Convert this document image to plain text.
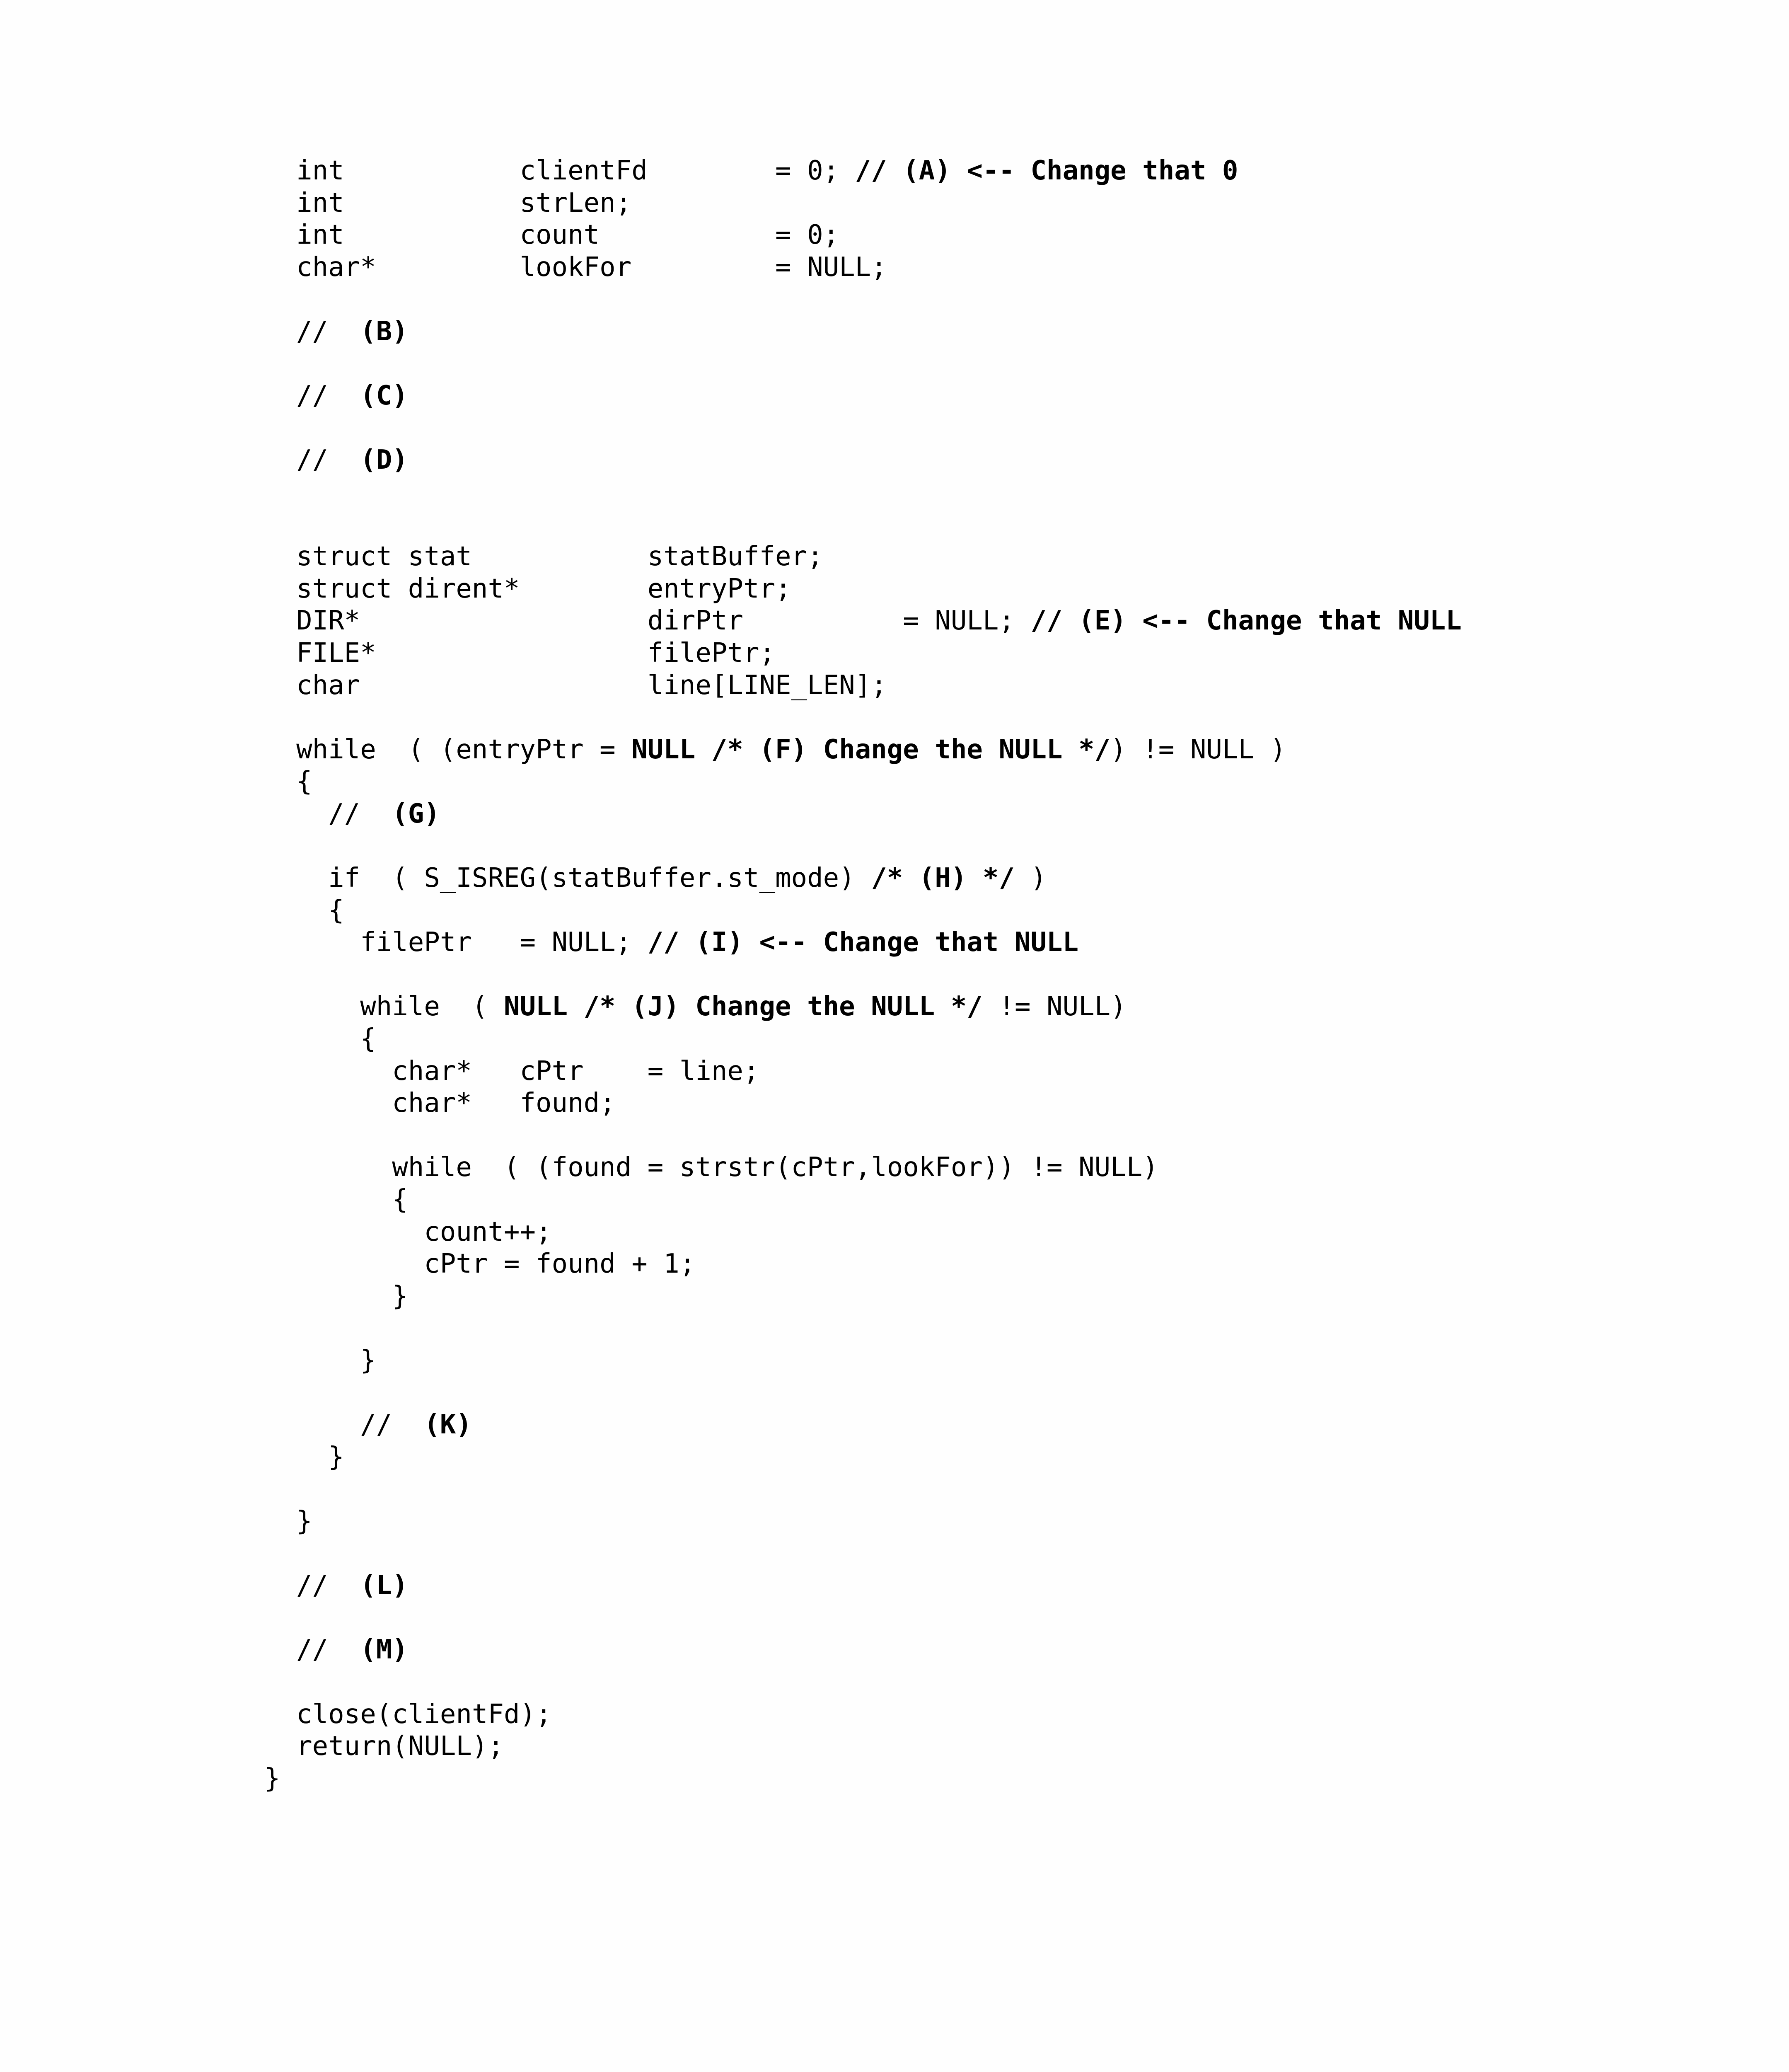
int           clientFd        = 0; // (A) <-- Change that 0
int           strLen;
int           count           = 0;
char*         lookFor         = NULL;
//  (B)
//  (C)
//  (D)
struct stat           statBuffer;
struct dirent*        entryPtr;
DIR*                  dirPtr          = NULL; // (E) <-- Change that NULL
FILE*                 filePtr;
char                  line[LINE_LEN];
while  ( (entryPtr = NULL /* (F) Change the NULL */) != NULL )
{
//  (G)
if  ( S_ISREG(statBuffer.st_mode) /* (H) */ )
{
filePtr   = NULL; // (I) <-- Change that NULL
while  ( NULL /* (J) Change the NULL */ != NULL)
{
char*   cPtr    = line;
char*   found;
while  ( (found = strstr(cPtr,lookFor)) != NULL)
{
count++;
cPtr = found + 1;
}
}
//  (K)
}
}
//  (L)
//  (M)
close(clientFd);
return(NULL);
}
